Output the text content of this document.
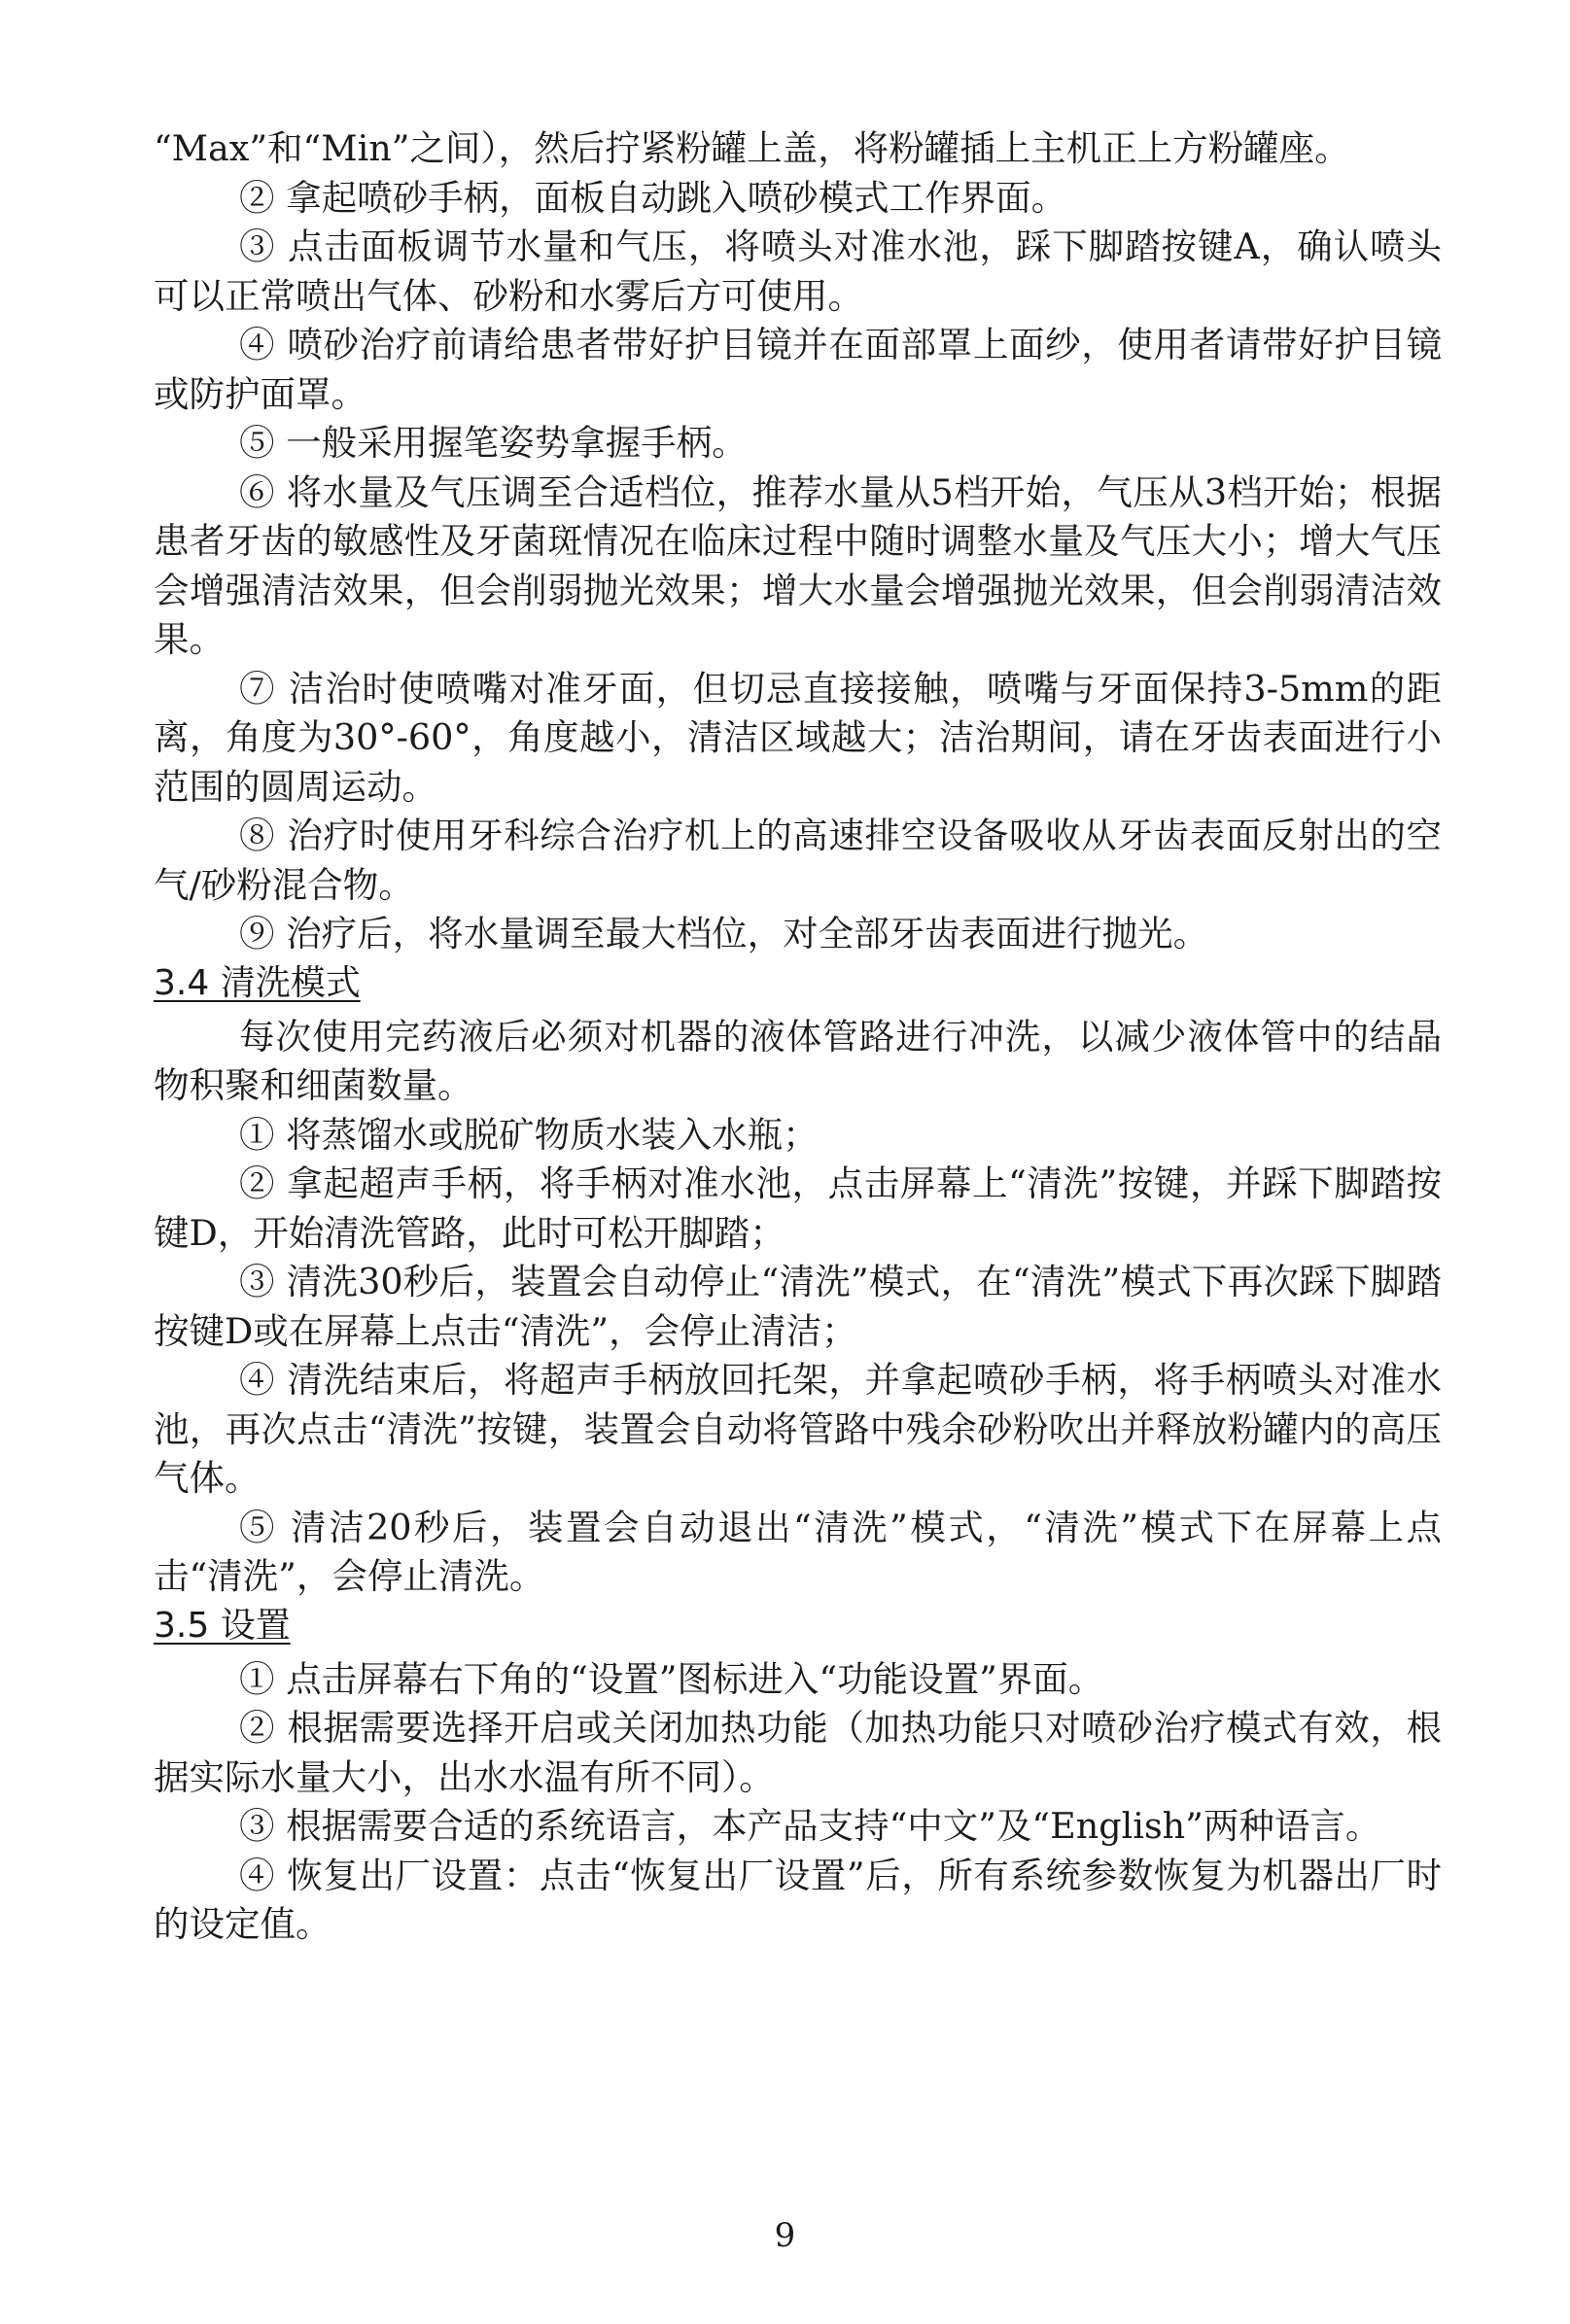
“Max”和“Min”之间），然后拧紧粉罐上盖，将粉罐插上主机正上方粉罐座。

② 拿起喷砂手柄，面板自动跳入喷砂模式工作界面。

③ 点击面板调节水量和气压，将喷头对准水池，踩下脚踏按键A，确认喷头可以正常喷出气体、砂粉和水雾后方可使用。

④ 喷砂治疗前请给患者带好护目镜并在面部罩上面纱，使用者请带好护目镜或防护面罩。

⑤ 一般采用握笔姿势拿握手柄。

⑥ 将水量及气压调至合适档位，推荐水量从5档开始，气压从3档开始；根据患者牙齿的敏感性及牙菌斑情况在临床过程中随时调整水量及气压大小；增大气压会增强清洁效果，但会削弱抛光效果；增大水量会增强抛光效果，但会削弱清洁效果。

⑦ 洁治时使喷嘴对准牙面，但切忌直接接触，喷嘴与牙面保持3-5mm的距离，角度为30°-60°，角度越小，清洁区域越大；洁治期间，请在牙齿表面进行小范围的圆周运动。

⑧ 治疗时使用牙科综合治疗机上的高速排空设备吸收从牙齿表面反射出的空气/砂粉混合物。

⑨ 治疗后，将水量调至最大档位，对全部牙齿表面进行抛光。

3.4 清洗模式

每次使用完药液后必须对机器的液体管路进行冲洗，以减少液体管中的结晶物积聚和细菌数量。

① 将蒸馏水或脱矿物质水装入水瓶；

② 拿起超声手柄，将手柄对准水池，点击屏幕上“清洗”按键，并踩下脚踏按键D，开始清洗管路，此时可松开脚踏；

③ 清洗30秒后，装置会自动停止“清洗”模式，在“清洗”模式下再次踩下脚踏按键D或在屏幕上点击“清洗”，会停止清洁；

④ 清洗结束后，将超声手柄放回托架，并拿起喷砂手柄，将手柄喷头对准水池，再次点击“清洗”按键，装置会自动将管路中残余砂粉吹出并释放粉罐内的高压气体。

⑤ 清洁20秒后，装置会自动退出“清洗”模式，“清洗”模式下在屏幕上点击“清洗”，会停止清洗。

3.5 设置

① 点击屏幕右下角的“设置”图标进入“功能设置”界面。

② 根据需要选择开启或关闭加热功能（加热功能只对喷砂治疗模式有效，根据实际水量大小，出水水温有所不同）。

③ 根据需要合适的系统语言，本产品支持“中文”及“English”两种语言。

④ 恢复出厂设置：点击“恢复出厂设置”后，所有系统参数恢复为机器出厂时的设定值。

9
